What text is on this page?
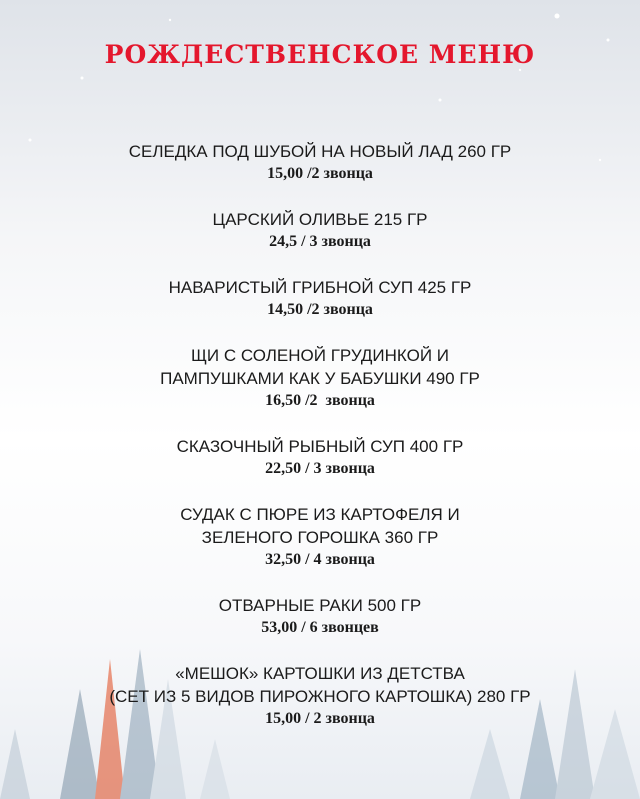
РОЖДЕСТВЕНСКОЕ МЕНЮ
СЕЛЕДКА ПОД ШУБОЙ НА НОВЫЙ ЛАД 260 ГР
15,00 /2 звонца
ЦАРСКИЙ ОЛИВЬЕ 215 ГР
24,5 / 3 звонца
НАВАРИСТЫЙ ГРИБНОЙ СУП 425 ГР
14,50 /2 звонца
ЩИ С СОЛЕНОЙ ГРУДИНКОЙ И
ПАМПУШКАМИ КАК У БАБУШКИ 490 ГР
16,50 /2  звонца
СКАЗОЧНЫЙ РЫБНЫЙ СУП 400 ГР
22,50 / 3 звонца
СУДАК С ПЮРЕ ИЗ КАРТОФЕЛЯ И
ЗЕЛЕНОГО ГОРОШКА 360 ГР
32,50 / 4 звонца
ОТВАРНЫЕ РАКИ 500 ГР
53,00 / 6 звонцев
«МЕШОК» КАРТОШКИ ИЗ ДЕТСТВА
(СЕТ ИЗ 5 ВИДОВ ПИРОЖНОГО КАРТОШКА) 280 ГР
15,00 / 2 звонца
